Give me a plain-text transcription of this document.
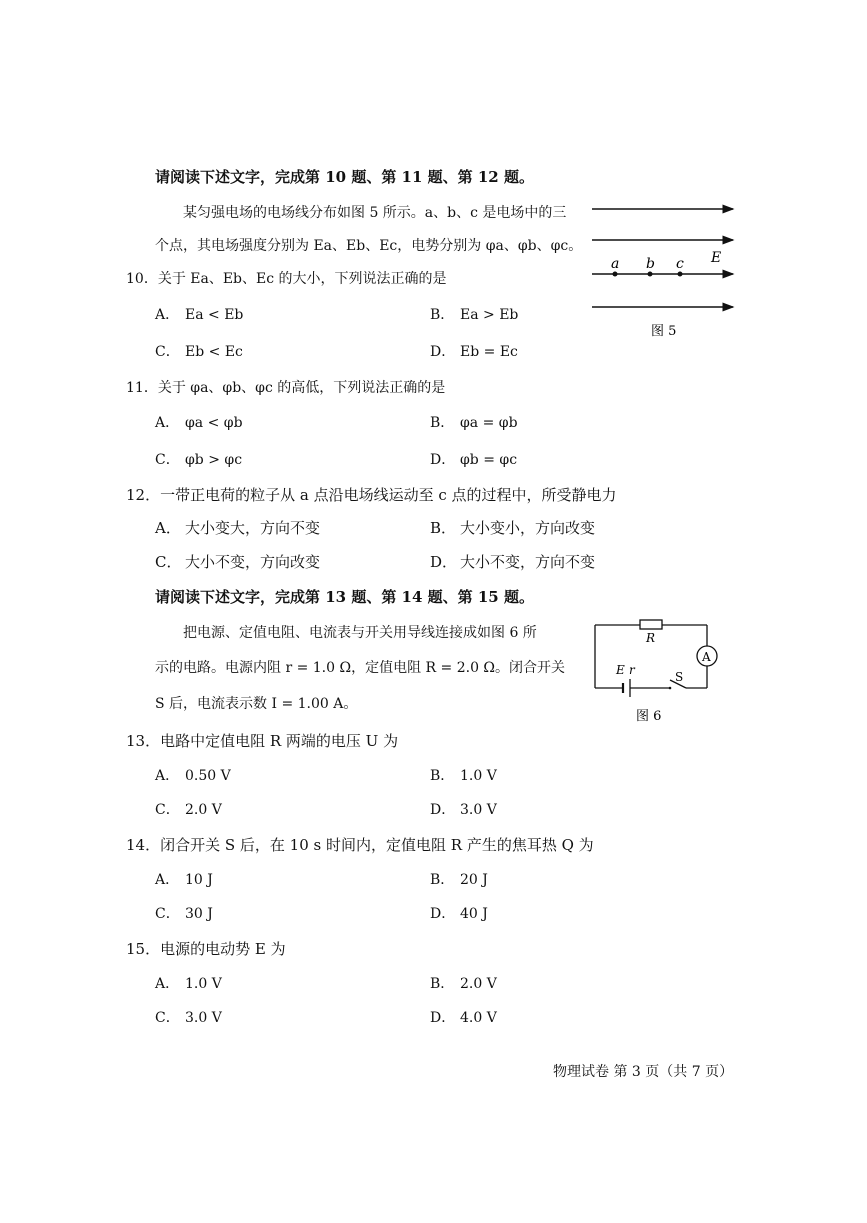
请阅读下述文字，完成第 10 题、第 11 题、第 12 题。
某匀强电场的电场线分布如图 5 所示。a、b、c 是电场中的三
个点，其电场强度分别为 Ea、Eb、Ec，电势分别为 φa、φb、φc。
a b c E
图 5
10．关于 Ea、Eb、Ec 的大小，下列说法正确的是
A． Ea < Eb	B． Ea > Eb
C． Eb < Ec	D． Eb = Ec
11．关于 φa、φb、φc 的高低，下列说法正确的是
A． φa < φb	B． φa = φb
C． φb > φc	D． φb = φc
12．一带正电荷的粒子从 a 点沿电场线运动至 c 点的过程中，所受静电力
A． 大小变大，方向不变	B． 大小变小，方向改变
C． 大小不变，方向改变	D． 大小不变，方向不变
请阅读下述文字，完成第 13 题、第 14 题、第 15 题。
把电源、定值电阻、电流表与开关用导线连接成如图 6 所
示的电路。电源内阻 r = 1.0 Ω，定值电阻 R = 2.0 Ω。闭合开关
S 后，电流表示数 I = 1.00 A。
A
R
E r	S
图 6
13．电路中定值电阻 R 两端的电压 U 为
A． 0.50 V	B． 1.0 V
C． 2.0 V	D． 3.0 V
14．闭合开关 S 后，在 10 s 时间内，定值电阻 R 产生的焦耳热 Q 为
A． 10 J	B． 20 J
C． 30 J	D． 40 J
15．电源的电动势 E 为
A． 1.0 V	B． 2.0 V
C． 3.0 V	D． 4.0 V
物理试卷 第 3 页（共 7 页）
